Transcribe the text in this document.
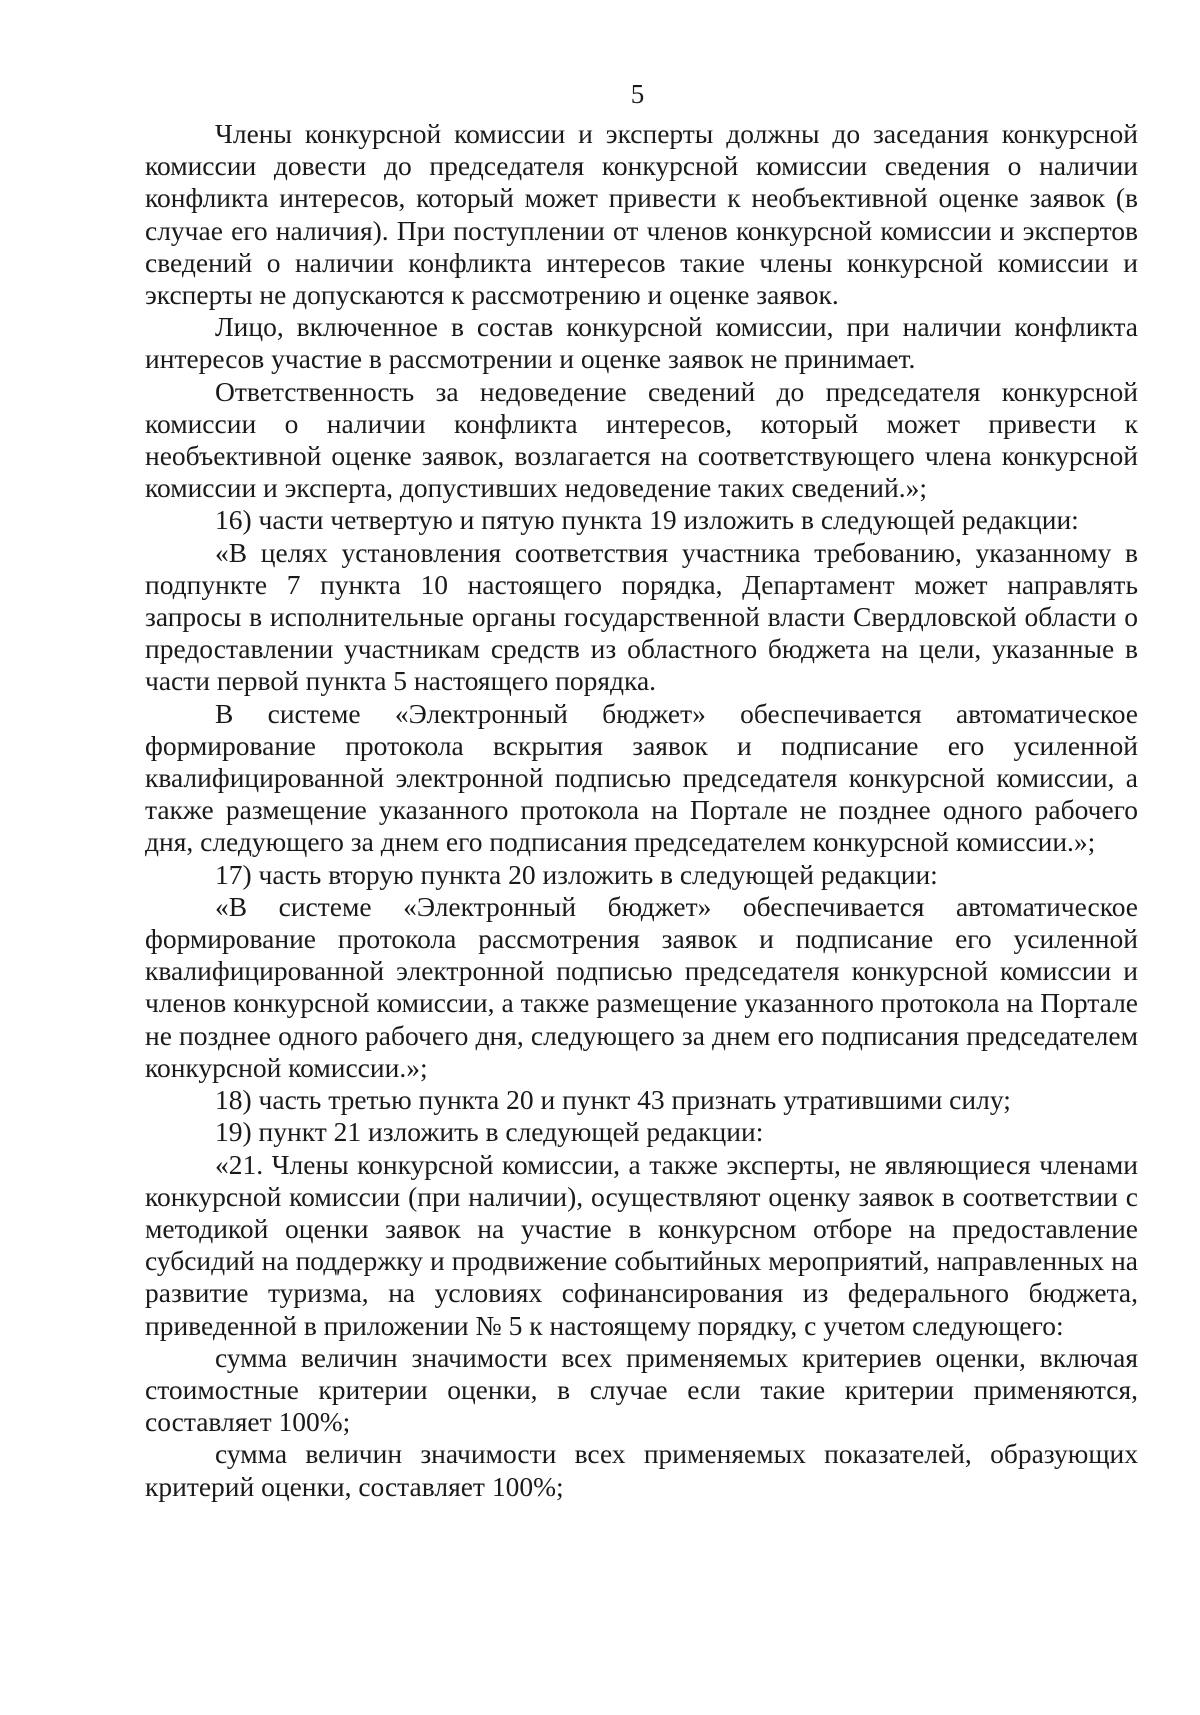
5

Члены конкурсной комиссии и эксперты должны до заседания конкурсной комиссии довести до председателя конкурсной комиссии сведения о наличии конфликта интересов, который может привести к необъективной оценке заявок (в случае его наличия). При поступлении от членов конкурсной комиссии и экспертов сведений о наличии конфликта интересов такие члены конкурсной комиссии и эксперты не допускаются к рассмотрению и оценке заявок.

Лицо, включенное в состав конкурсной комиссии, при наличии конфликта интересов участие в рассмотрении и оценке заявок не принимает.

Ответственность за недоведение сведений до председателя конкурсной комиссии о наличии конфликта интересов, который может привести к необъективной оценке заявок, возлагается на соответствующего члена конкурсной комиссии и эксперта, допустивших недоведение таких сведений.»;

16) части четвертую и пятую пункта 19 изложить в следующей редакции:

«В целях установления соответствия участника требованию, указанному в подпункте 7 пункта 10 настоящего порядка, Департамент может направлять запросы в исполнительные органы государственной власти Свердловской области о предоставлении участникам средств из областного бюджета на цели, указанные в части первой пункта 5 настоящего порядка.

В системе «Электронный бюджет» обеспечивается автоматическое формирование протокола вскрытия заявок и подписание его усиленной квалифицированной электронной подписью председателя конкурсной комиссии, а также размещение указанного протокола на Портале не позднее одного рабочего дня, следующего за днем его подписания председателем конкурсной комиссии.»;

17) часть вторую пункта 20 изложить в следующей редакции:

«В системе «Электронный бюджет» обеспечивается автоматическое формирование протокола рассмотрения заявок и подписание его усиленной квалифицированной электронной подписью председателя конкурсной комиссии и членов конкурсной комиссии, а также размещение указанного протокола на Портале не позднее одного рабочего дня, следующего за днем его подписания председателем конкурсной комиссии.»;

18) часть третью пункта 20 и пункт 43 признать утратившими силу;

19) пункт 21 изложить в следующей редакции:

«21. Члены конкурсной комиссии, а также эксперты, не являющиеся членами конкурсной комиссии (при наличии), осуществляют оценку заявок в соответствии с методикой оценки заявок на участие в конкурсном отборе на предоставление субсидий на поддержку и продвижение событийных мероприятий, направленных на развитие туризма, на условиях софинансирования из федерального бюджета, приведенной в приложении № 5 к настоящему порядку, с учетом следующего:

сумма величин значимости всех применяемых критериев оценки, включая стоимостные критерии оценки, в случае если такие критерии применяются, составляет 100%;

сумма величин значимости всех применяемых показателей, образующих критерий оценки, составляет 100%;
